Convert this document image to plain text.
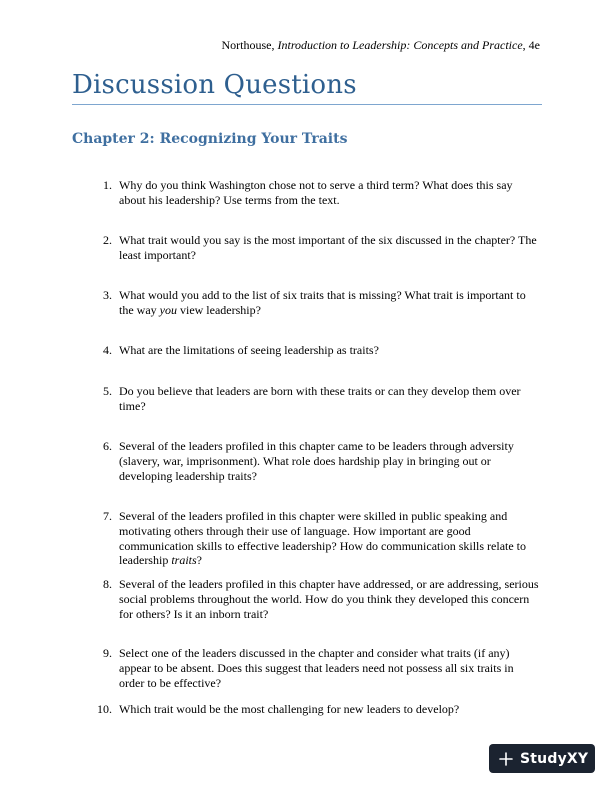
Northouse, Introduction to Leadership: Concepts and Practice, 4e
Discussion Questions
Chapter 2: Recognizing Your Traits
1. Why do you think Washington chose not to serve a third term? What does this say about his leadership? Use terms from the text.
2. What trait would you say is the most important of the six discussed in the chapter? The least important?
3. What would you add to the list of six traits that is missing? What trait is important to the way you view leadership?
4. What are the limitations of seeing leadership as traits?
5. Do you believe that leaders are born with these traits or can they develop them over time?
6. Several of the leaders profiled in this chapter came to be leaders through adversity (slavery, war, imprisonment). What role does hardship play in bringing out or developing leadership traits?
7. Several of the leaders profiled in this chapter were skilled in public speaking and motivating others through their use of language. How important are good communication skills to effective leadership? How do communication skills relate to leadership traits?
8. Several of the leaders profiled in this chapter have addressed, or are addressing, serious social problems throughout the world. How do you think they developed this concern for others? Is it an inborn trait?
9. Select one of the leaders discussed in the chapter and consider what traits (if any) appear to be absent. Does this suggest that leaders need not possess all six traits in order to be effective?
10. Which trait would be the most challenging for new leaders to develop?
StudyXY
